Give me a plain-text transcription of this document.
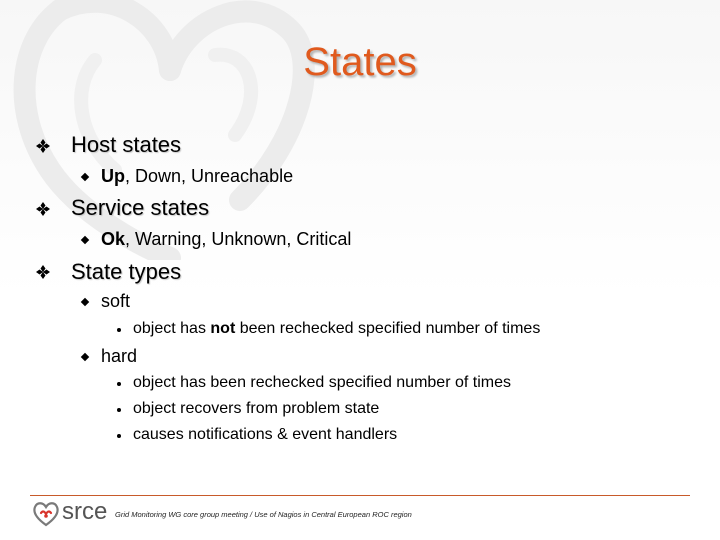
States
Host states
Up, Down, Unreachable
Service states
Ok, Warning, Unknown, Critical
State types
soft
object has not been rechecked specified number of times
hard
object has been rechecked specified number of times
object recovers from problem state
causes notifications & event handlers
srce Grid Monitoring WG core group meeting / Use of Nagios in Central European ROC region
